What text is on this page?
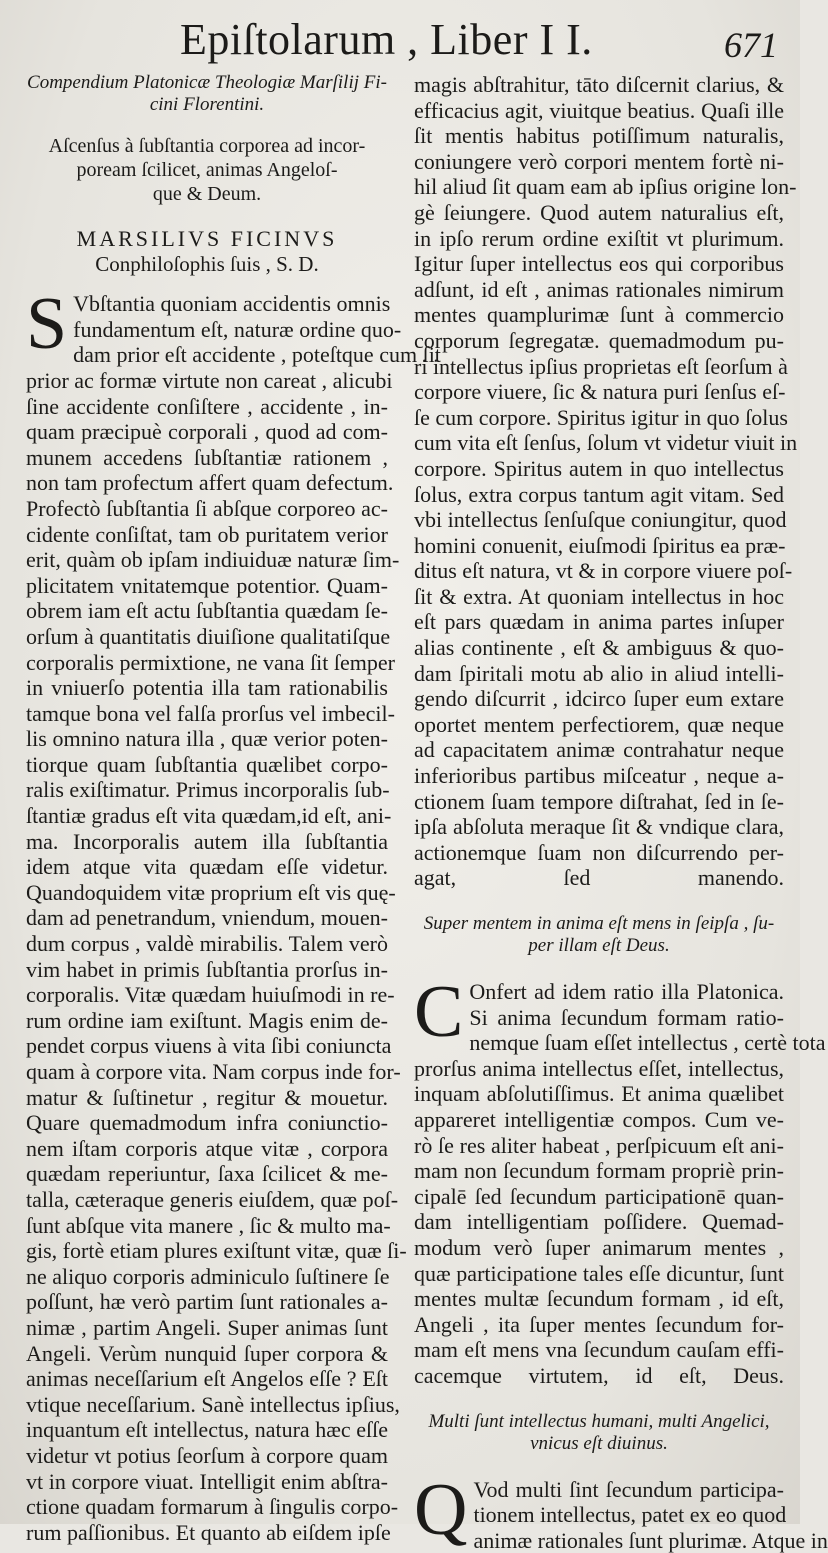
Epiſtolarum , Liber I I.	671
Compendium Platonicæ Theologiæ Marſilij Fi-
cini Florentini.
Aſcenſus à ſubſtantia corporea ad incor-
poream ſcilicet, animas Angeloſ-
que & Deum.
MARSILIVS FICINVS
Conphiloſophis ſuis , S. D.
S Vbſtantia quoniam accidentis omnis
fundamentum eſt, naturæ ordine quo-
dam prior eſt accidente , poteſtque cum ſit
prior ac formæ virtute non careat , alicubi
ſine accidente conſiſtere , accidente , in-
quam præcipuè corporali , quod ad com-
munem accedens ſubſtantiæ rationem ,
non tam profectum affert quam defectum.
Profectò ſubſtantia ſi abſque corporeo ac-
cidente conſiſtat, tam ob puritatem verior
erit, quàm ob ipſam indiuiduæ naturæ ſim-
plicitatem vnitatemque potentior. Quam-
obrem iam eſt actu ſubſtantia quædam ſe-
orſum à quantitatis diuiſione qualitatiſque
corporalis permixtione, ne vana ſit ſemper
in vniuerſo potentia illa tam rationabilis
tamque bona vel falſa prorſus vel imbecil-
lis omnino natura illa , quæ verior poten-
tiorque quam ſubſtantia quælibet corpo-
ralis exiſtimatur. Primus incorporalis ſub-
ſtantiæ gradus eſt vita quædam,id eſt, ani-
ma. Incorporalis autem illa ſubſtantia
idem atque vita quædam eſſe videtur.
Quandoquidem vitæ proprium eſt vis quę-
dam ad penetrandum, vniendum, mouen-
dum corpus , valdè mirabilis. Talem verò
vim habet in primis ſubſtantia prorſus in-
corporalis. Vitæ quædam huiuſmodi in re-
rum ordine iam exiſtunt. Magis enim de-
pendet corpus viuens à vita ſibi coniuncta
quam à corpore vita. Nam corpus inde for-
matur & ſuſtinetur , regitur & mouetur.
Quare quemadmodum infra coniunctio-
nem iſtam corporis atque vitæ , corpora
quædam reperiuntur, ſaxa ſcilicet & me-
talla, cæteraque generis eiuſdem, quæ poſ-
ſunt abſque vita manere , ſic & multo ma-
gis, fortè etiam plures exiſtunt vitæ, quæ ſi-
ne aliquo corporis adminiculo ſuſtinere ſe
poſſunt, hæ verò partim ſunt rationales a-
nimæ , partim Angeli. Super animas ſunt
Angeli. Verùm nunquid ſuper corpora &
animas neceſſarium eſt Angelos eſſe ? Eſt
vtique neceſſarium. Sanè intellectus ipſius,
inquantum eſt intellectus, natura hæc eſſe
videtur vt potius ſeorſum à corpore quam
vt in corpore viuat. Intelligit enim abſtra-
ctione quadam formarum à ſingulis corpo-
rum paſſionibus. Et quanto ab eiſdem ipſe
magis abſtrahitur, tāto diſcernit clarius, &
efficacius agit, viuitque beatius. Quaſi ille
ſit mentis habitus potiſſimum naturalis,
coniungere verò corpori mentem fortè ni-
hil aliud ſit quam eam ab ipſius origine lon-
gè ſeiungere. Quod autem naturalius eſt,
in ipſo rerum ordine exiſtit vt plurimum.
Igitur ſuper intellectus eos qui corporibus
adſunt, id eſt , animas rationales nimirum
mentes quamplurimæ ſunt à commercio
corporum ſegregatæ. quemadmodum pu-
ri intellectus ipſius proprietas eſt ſeorſum à
corpore viuere, ſic & natura puri ſenſus eſ-
ſe cum corpore. Spiritus igitur in quo ſolus
cum vita eſt ſenſus, ſolum vt videtur viuit in
corpore. Spiritus autem in quo intellectus
ſolus, extra corpus tantum agit vitam. Sed
vbi intellectus ſenſuſque coniungitur, quod
homini conuenit, eiuſmodi ſpiritus ea præ-
ditus eſt natura, vt & in corpore viuere poſ-
ſit & extra. At quoniam intellectus in hoc
eſt pars quædam in anima partes inſuper
alias continente , eſt & ambiguus & quo-
dam ſpiritali motu ab alio in aliud intelli-
gendo diſcurrit , idcirco ſuper eum extare
oportet mentem perfectiorem, quæ neque
ad capacitatem animæ contrahatur neque
inferioribus partibus miſceatur , neque a-
ctionem ſuam tempore diſtrahat, ſed in ſe-
ipſa abſoluta meraque ſit & vndique clara,
actionemque ſuam non diſcurrendo per-
agat, ſed manendo.
Super mentem in anima eſt mens in ſeipſa , ſu-
per illam eſt Deus.
C Onfert ad idem ratio illa Platonica.
Si anima ſecundum formam ratio-
nemque ſuam eſſet intellectus , certè tota
prorſus anima intellectus eſſet, intellectus,
inquam abſolutiſſimus. Et anima quælibet
appareret intelligentiæ compos. Cum ve-
rò ſe res aliter habeat , perſpicuum eſt ani-
mam non ſecundum formam propriè prin-
cipalē ſed ſecundum participationē quan-
dam intelligentiam poſſidere. Quemad-
modum verò ſuper animarum mentes ,
quæ participatione tales eſſe dicuntur, ſunt
mentes multæ ſecundum formam , id eſt,
Angeli , ita ſuper mentes ſecundum for-
mam eſt mens vna ſecundum cauſam effi-
cacemque virtutem, id eſt, Deus.
Multi ſunt intellectus humani, multi Angelici,
vnicus eſt diuinus.
Q Vod multi ſint ſecundum participa-
tionem intellectus, patet ex eo quod
animæ rationales ſunt plurimæ. Atque in
